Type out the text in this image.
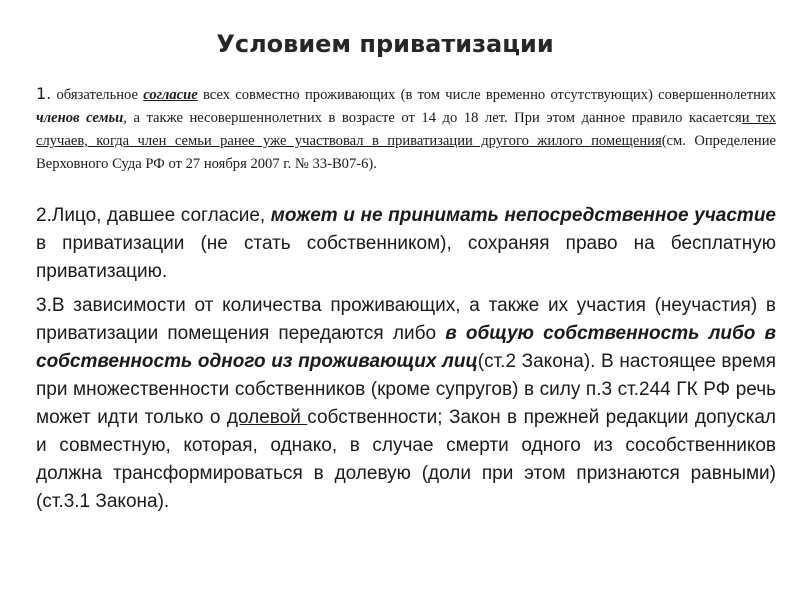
Условием приватизации
1. обязательное согласие всех совместно проживающих (в том числе временно отсутствующих) совершеннолетних членов семьи, а также несовершеннолетних в возрасте от 14 до 18 лет. При этом данное правило касаетсяи тех случаев, когда член семьи ранее уже участвовал в приватизации другого жилого помещения(см. Определение Верховного Суда РФ от 27 ноября 2007 г. № 33-В07-6).
2.Лицо, давшее согласие, может и не принимать непосредственное участие в приватизации (не стать собственником), сохраняя право на бесплатную приватизацию.
3.В зависимости от количества проживающих, а также их участия (неучастия) в приватизации помещения передаются либо в общую собственность либо в собственность одного из проживающих лиц(ст.2 Закона). В настоящее время при множественности собственников (кроме супругов) в силу п.3 ст.244 ГК РФ речь может идти только о долевой собственности; Закон в прежней редакции допускал и совместную, которая, однако, в случае смерти одного из сособственников должна трансформироваться в долевую (доли при этом признаются равными) (ст.3.1 Закона).
